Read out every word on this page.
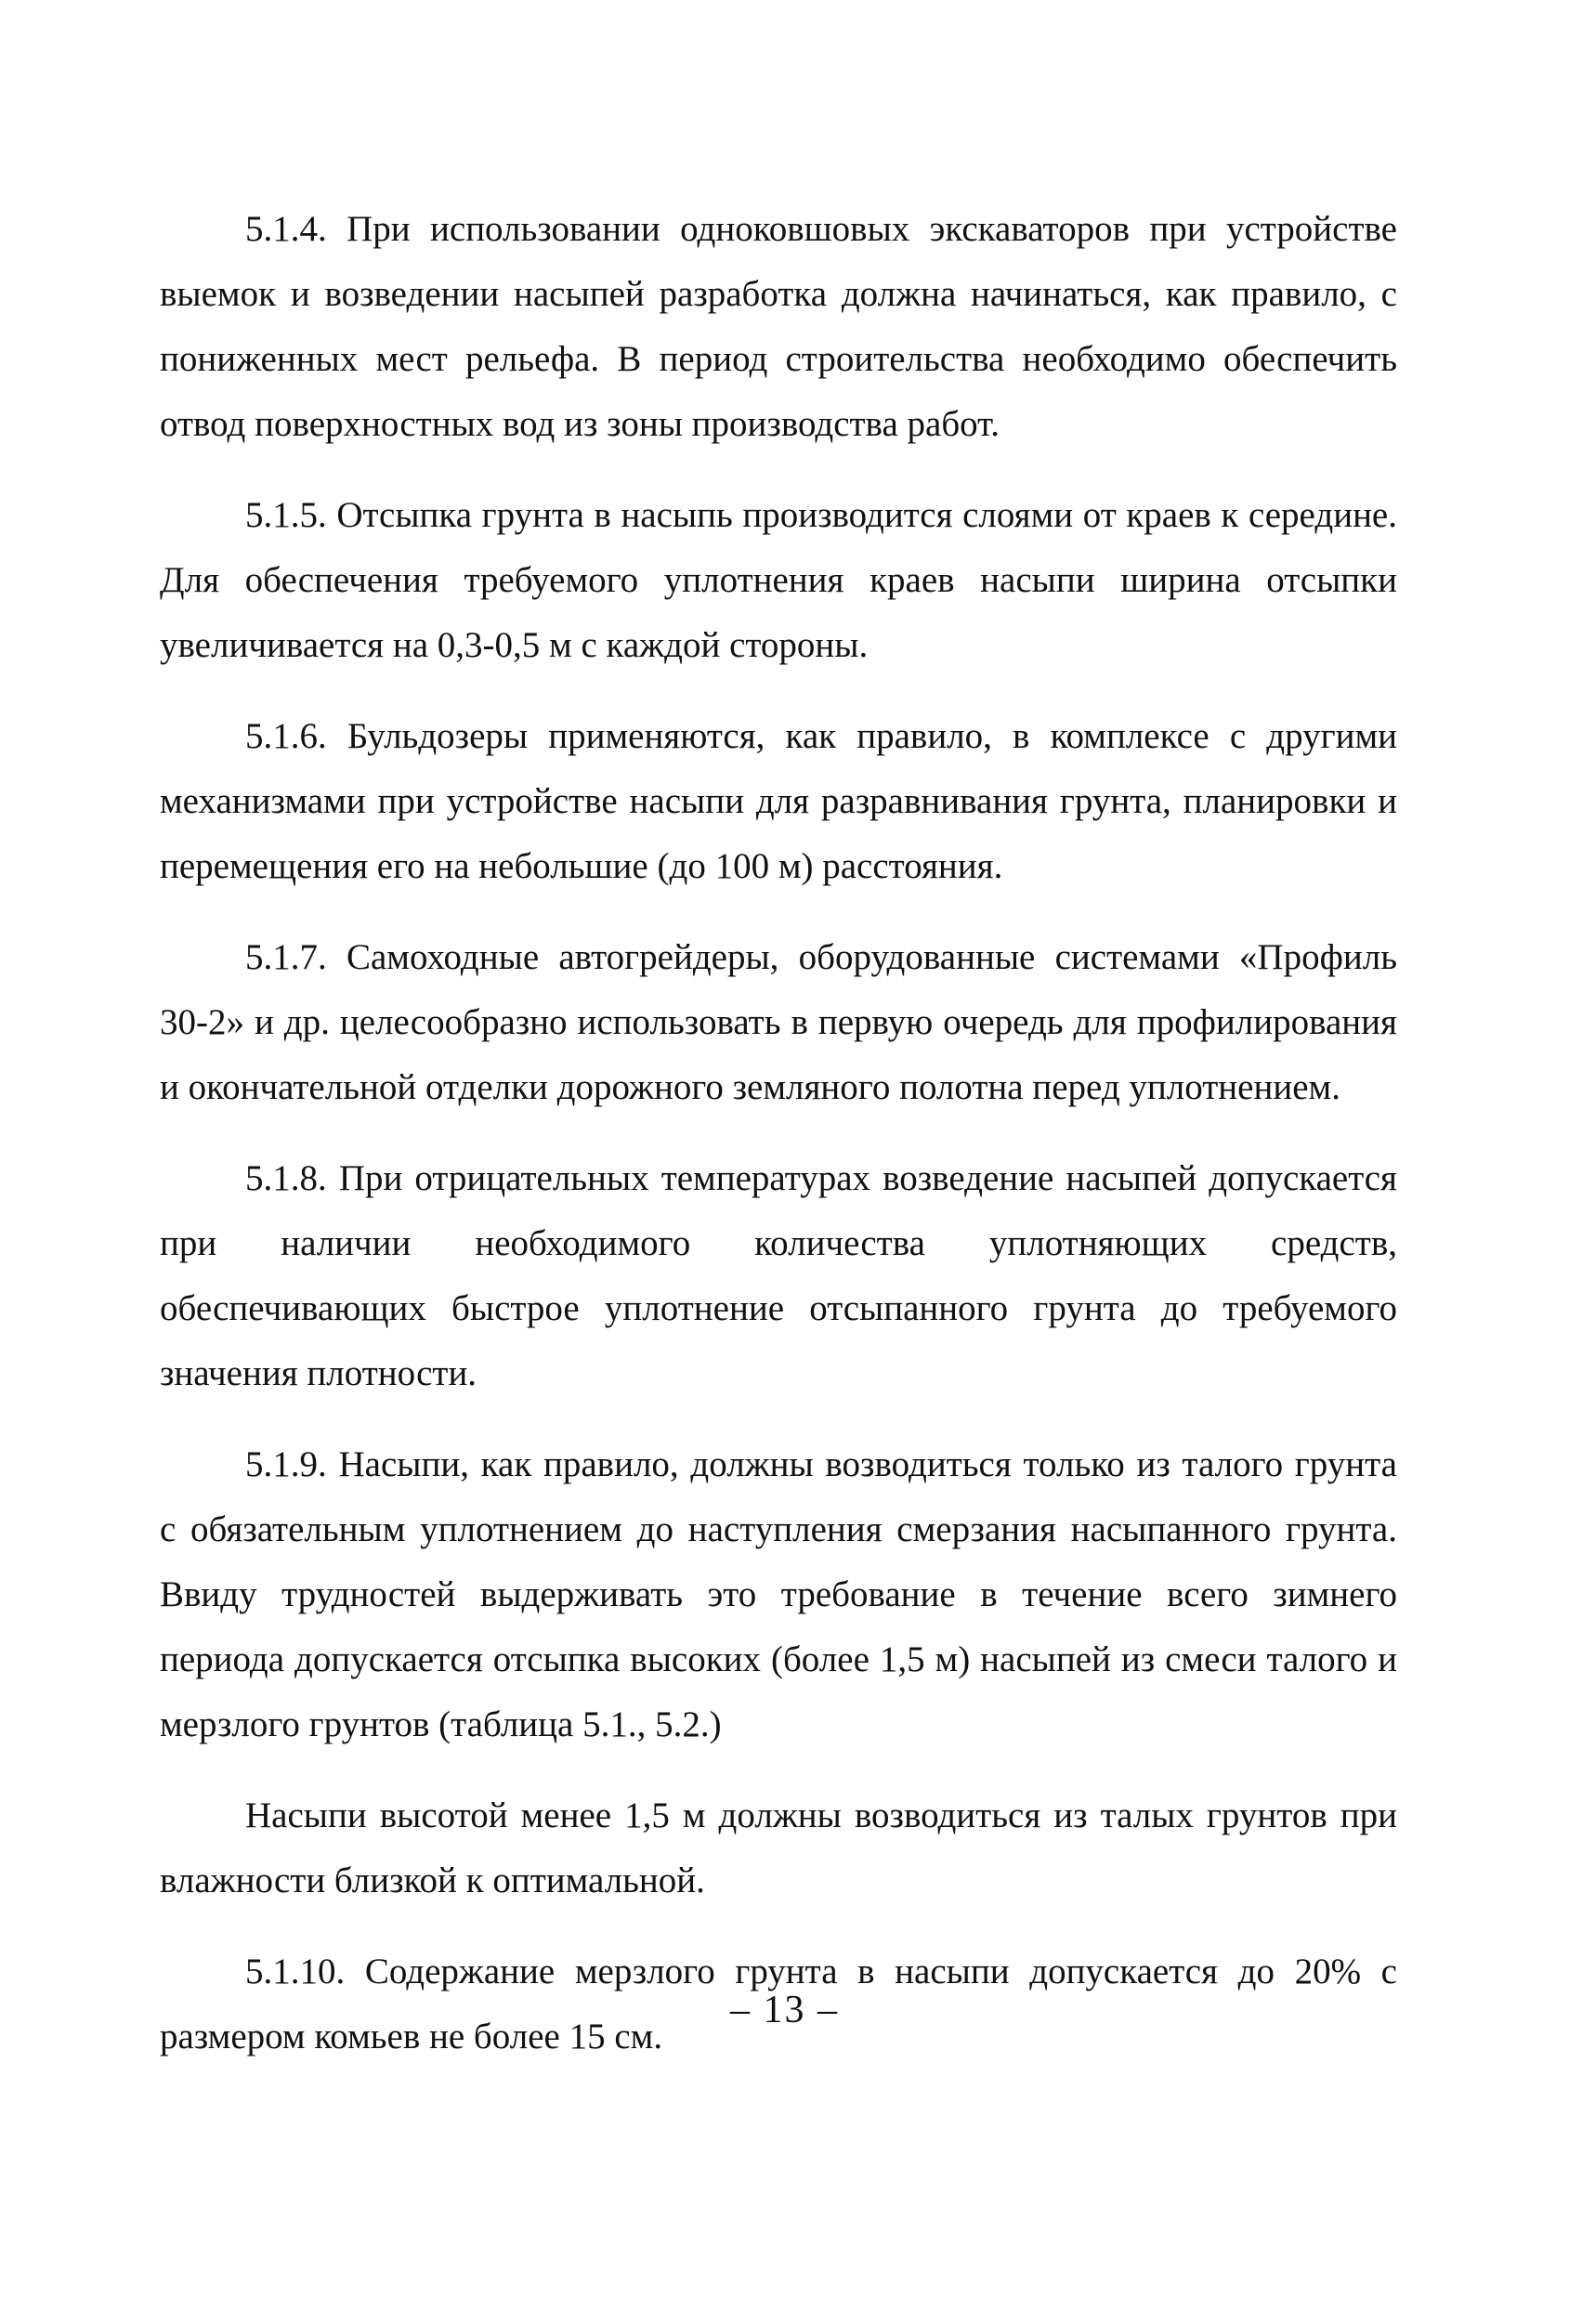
5.1.4. При использовании одноковшовых экскаваторов при устройстве выемок и возведении насыпей разработка должна начинаться, как правило, с пониженных мест рельефа. В период строительства необходимо обеспечить отвод поверхностных вод из зоны производства работ.

5.1.5. Отсыпка грунта в насыпь производится слоями от краев к середине. Для обеспечения требуемого уплотнения краев насыпи ширина отсыпки увеличивается на 0,3-0,5 м с каждой стороны.

5.1.6. Бульдозеры применяются, как правило, в комплексе с другими механизмами при устройстве насыпи для разравнивания грунта, планировки и перемещения его на небольшие (до 100 м) расстояния.

5.1.7. Самоходные автогрейдеры, оборудованные системами «Профиль 30-2» и др. целесообразно использовать в первую очередь для профилирования и окончательной отделки дорожного земляного полотна перед уплотнением.

5.1.8. При отрицательных температурах возведение насыпей допускается при наличии необходимого количества уплотняющих средств, обеспечивающих быстрое уплотнение отсыпанного грунта до требуемого значения плотности.

5.1.9. Насыпи, как правило, должны возводиться только из талого грунта с обязательным уплотнением до наступления смерзания насыпанного грунта. Ввиду трудностей выдерживать это требование в течение всего зимнего периода допускается отсыпка высоких (более 1,5 м) насыпей из смеси талого и мерзлого грунтов (таблица 5.1., 5.2.)

Насыпи высотой менее 1,5 м должны возводиться из талых грунтов при влажности близкой к оптимальной.

5.1.10. Содержание мерзлого грунта в насыпи допускается до 20% с размером комьев не более 15 см.

– 13 –
